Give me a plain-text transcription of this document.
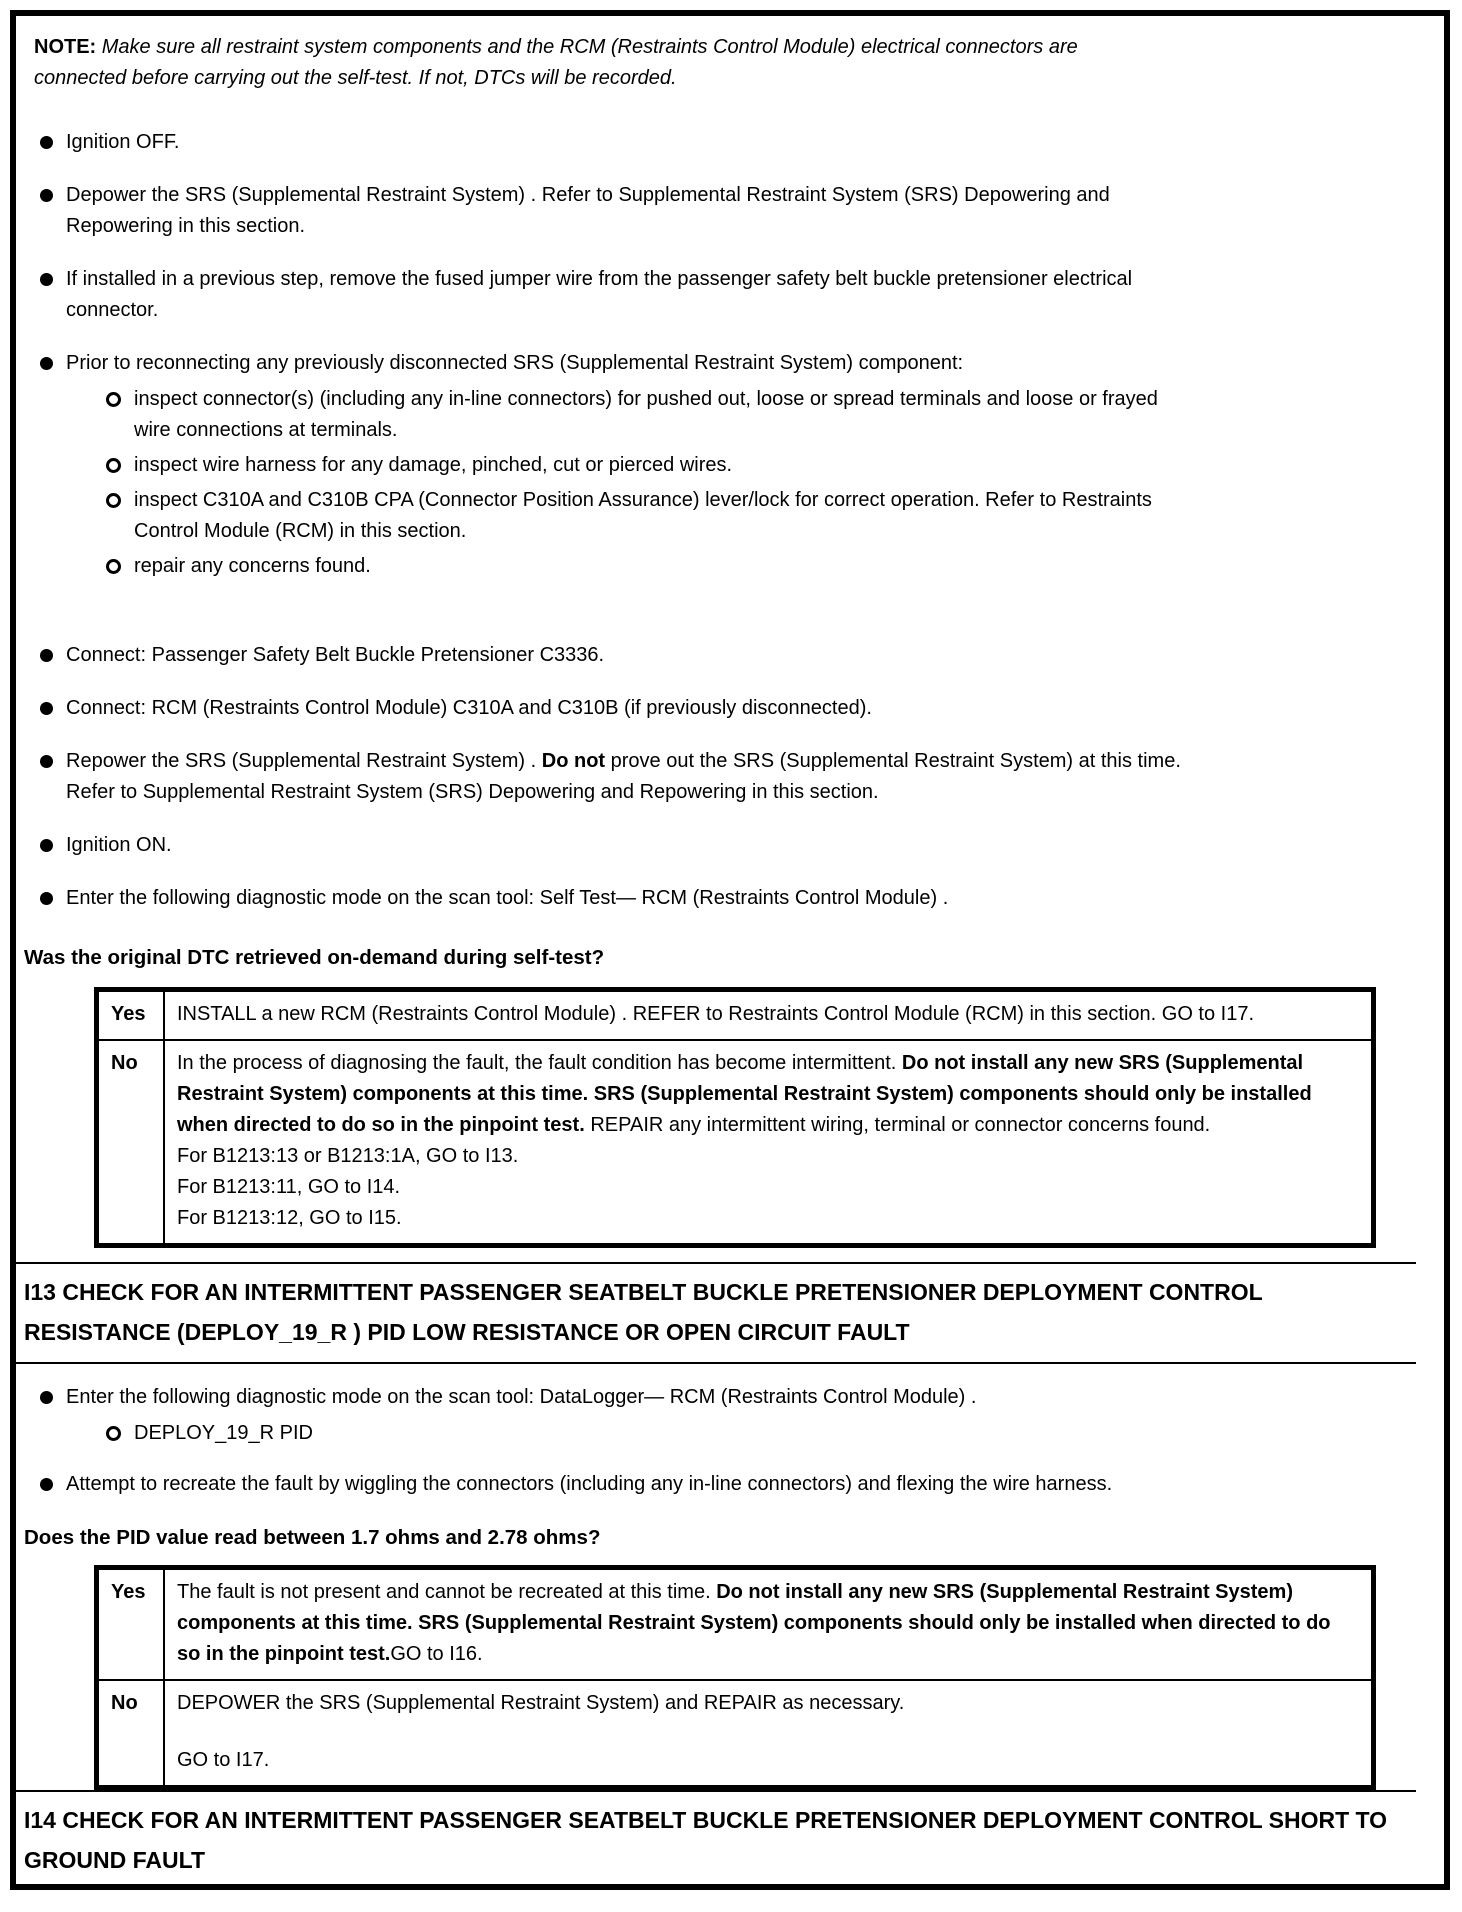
NOTE: Make sure all restraint system components and the RCM (Restraints Control Module) electrical connectors are connected before carrying out the self-test. If not, DTCs will be recorded.

Ignition OFF.
Depower the SRS (Supplemental Restraint System) . Refer to Supplemental Restraint System (SRS) Depowering and Repowering in this section.
If installed in a previous step, remove the fused jumper wire from the passenger safety belt buckle pretensioner electrical connector.
Prior to reconnecting any previously disconnected SRS (Supplemental Restraint System) component:
inspect connector(s) (including any in-line connectors) for pushed out, loose or spread terminals and loose or frayed wire connections at terminals.
inspect wire harness for any damage, pinched, cut or pierced wires.
inspect C310A and C310B CPA (Connector Position Assurance) lever/lock for correct operation. Refer to Restraints Control Module (RCM) in this section.
repair any concerns found.
Connect: Passenger Safety Belt Buckle Pretensioner C3336.
Connect: RCM (Restraints Control Module) C310A and C310B (if previously disconnected).
Repower the SRS (Supplemental Restraint System) . Do not prove out the SRS (Supplemental Restraint System) at this time. Refer to Supplemental Restraint System (SRS) Depowering and Repowering in this section.
Ignition ON.
Enter the following diagnostic mode on the scan tool: Self Test— RCM (Restraints Control Module) .

Was the original DTC retrieved on-demand during self-test?

Yes	INSTALL a new RCM (Restraints Control Module) . REFER to Restraints Control Module (RCM) in this section. GO to I17.
No	In the process of diagnosing the fault, the fault condition has become intermittent. Do not install any new SRS (Supplemental Restraint System) components at this time. SRS (Supplemental Restraint System) components should only be installed when directed to do so in the pinpoint test. REPAIR any intermittent wiring, terminal or connector concerns found.
For B1213:13 or B1213:1A, GO to I13.
For B1213:11, GO to I14.
For B1213:12, GO to I15.
I13 CHECK FOR AN INTERMITTENT PASSENGER SEATBELT BUCKLE PRETENSIONER DEPLOYMENT CONTROL RESISTANCE (DEPLOY_19_R ) PID LOW RESISTANCE OR OPEN CIRCUIT FAULT
Enter the following diagnostic mode on the scan tool: DataLogger— RCM (Restraints Control Module) .
DEPLOY_19_R PID
Attempt to recreate the fault by wiggling the connectors (including any in-line connectors) and flexing the wire harness.

Does the PID value read between 1.7 ohms and 2.78 ohms?

Yes	The fault is not present and cannot be recreated at this time. Do not install any new SRS (Supplemental Restraint System) components at this time. SRS (Supplemental Restraint System) components should only be installed when directed to do so in the pinpoint test.GO to I16.
No	DEPOWER the SRS (Supplemental Restraint System) and REPAIR as necessary.
GO to I17.
I14 CHECK FOR AN INTERMITTENT PASSENGER SEATBELT BUCKLE PRETENSIONER DEPLOYMENT CONTROL SHORT TO GROUND FAULT
